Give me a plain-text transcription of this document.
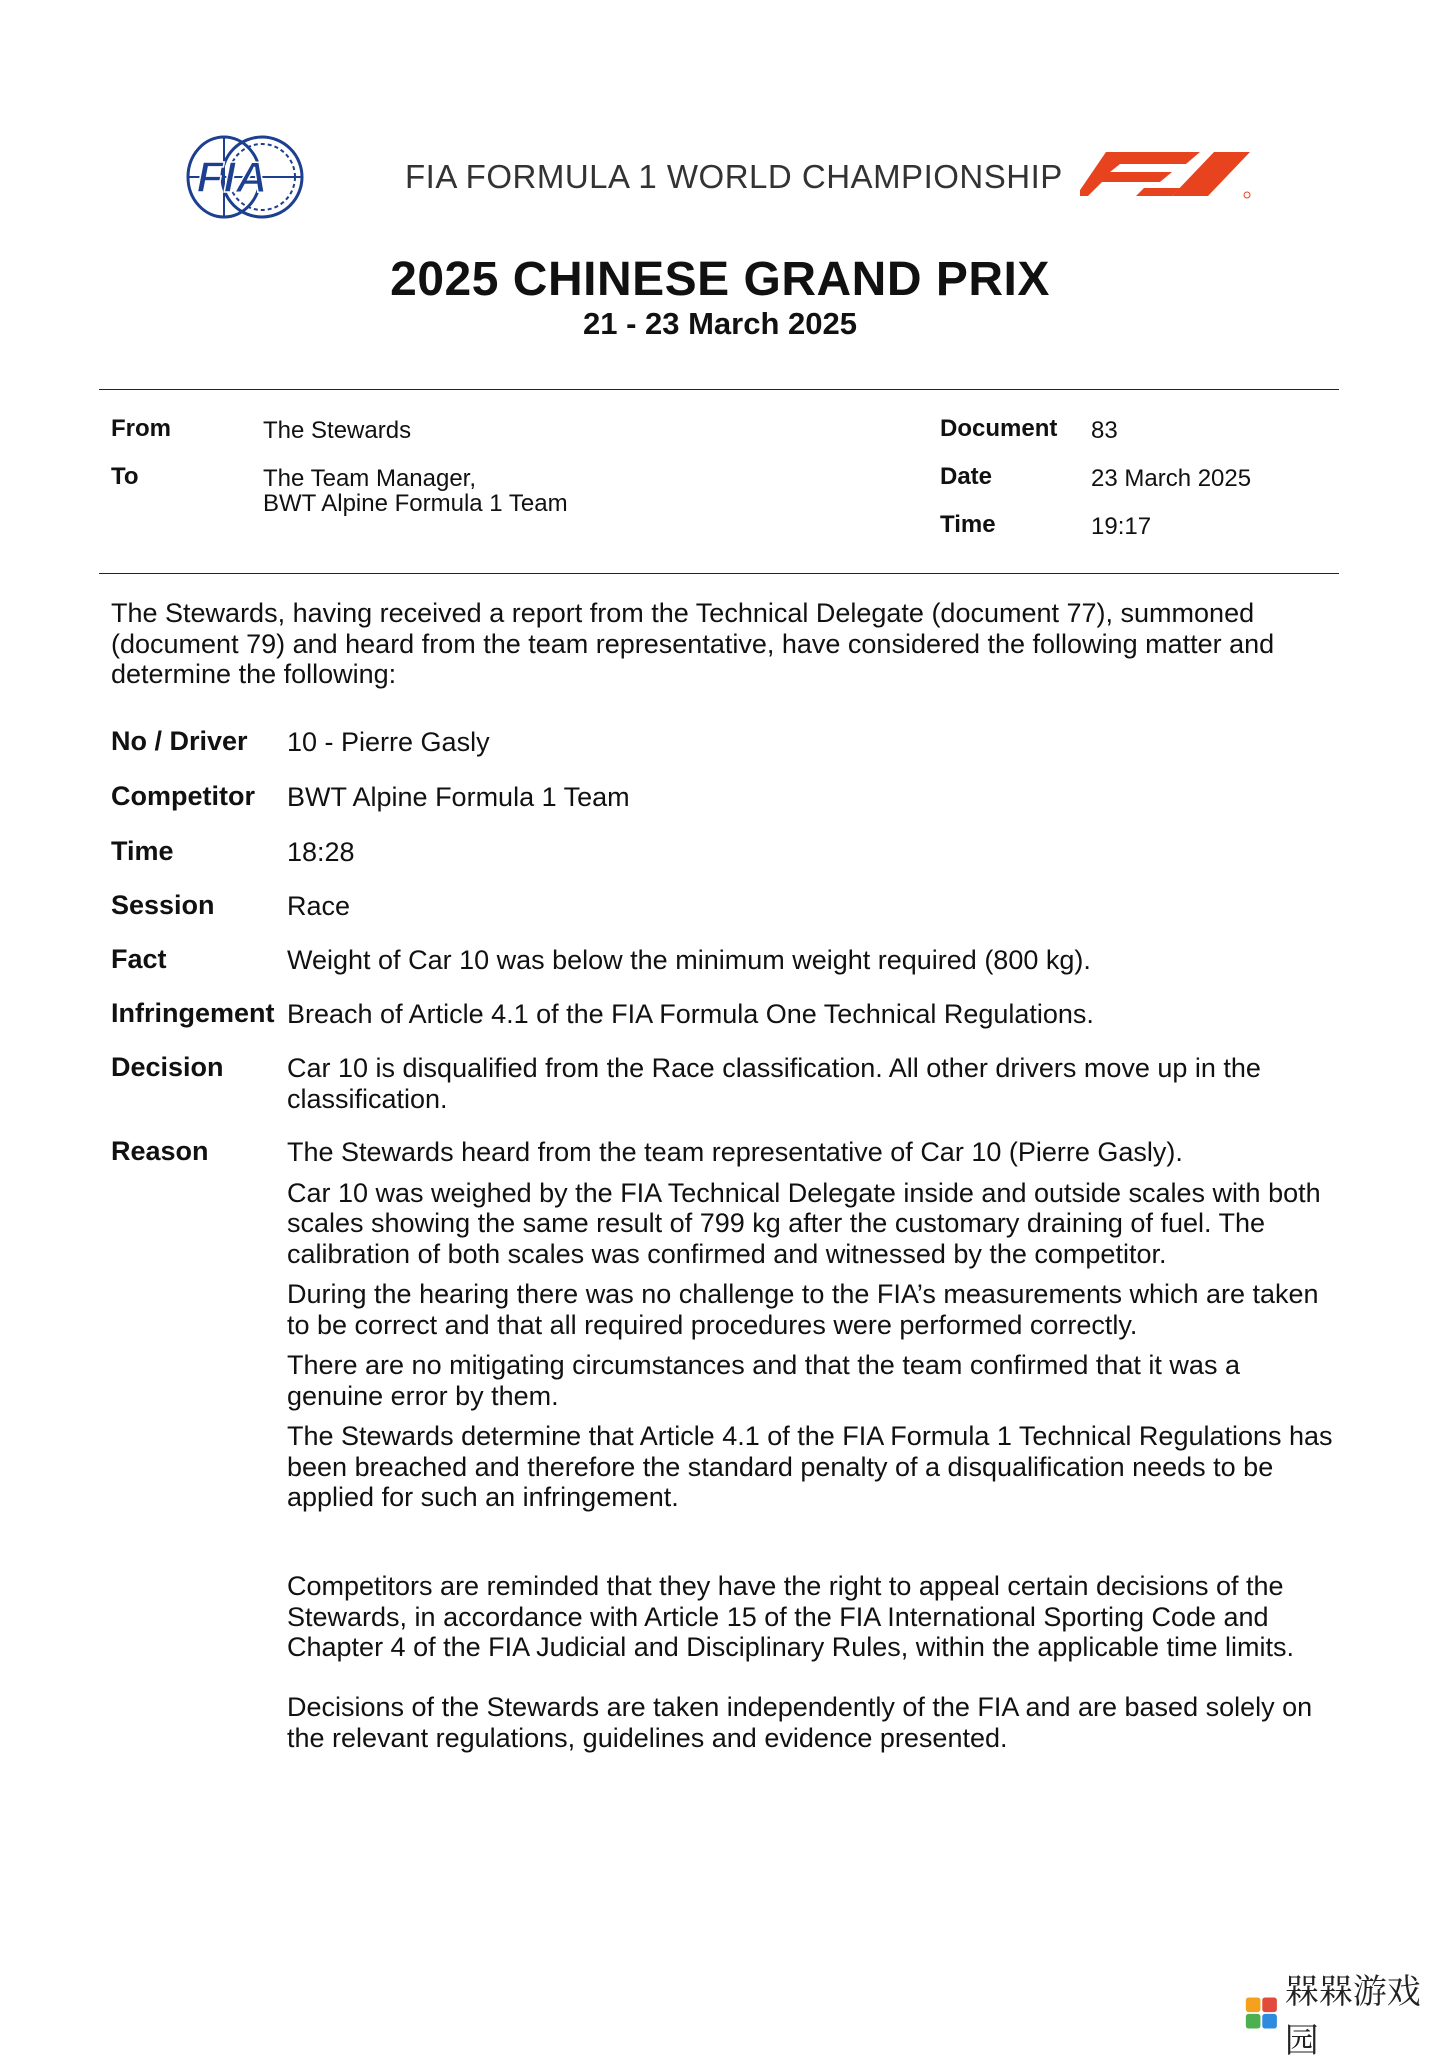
FIA	FIA FORMULA 1 WORLD CHAMPIONSHIP
2025 CHINESE GRAND PRIX
21 - 23 March 2025
From	The Stewards
To	The Team Manager,
BWT Alpine Formula 1 Team
Document 83
Date	23 March 2025
Time	19:17
The Stewards, having received a report from the Technical Delegate (document 77), summoned (document 79) and heard from the team representative, have considered the following matter and determine the following:
No / Driver 10 - Pierre Gasly
Competitor BWT Alpine Formula 1 Team
Time	18:28
Session	Race
Fact	Weight of Car 10 was below the minimum weight required (800 kg).
Infringement Breach of Article 4.1 of the FIA Formula One Technical Regulations.
Decision Car 10 is disqualified from the Race classification. All other drivers move up in the classification.
Reason	The Stewards heard from the team representative of Car 10 (Pierre Gasly).

Car 10 was weighed by the FIA Technical Delegate inside and outside scales with both scales showing the same result of 799 kg after the customary draining of fuel. The calibration of both scales was confirmed and witnessed by the competitor.

During the hearing there was no challenge to the FIA’s measurements which are taken to be correct and that all required procedures were performed correctly.

There are no mitigating circumstances and that the team confirmed that it was a genuine error by them.

The Stewards determine that Article 4.1 of the FIA Formula 1 Technical Regulations has been breached and therefore the standard penalty of a disqualification needs to be applied for such an infringement.

Competitors are reminded that they have the right to appeal certain decisions of the Stewards, in accordance with Article 15 of the FIA International Sporting Code and Chapter 4 of the FIA Judicial and Disciplinary Rules, within the applicable time limits.
Decisions of the Stewards are taken independently of the FIA and are based solely on the relevant regulations, guidelines and evidence presented.
槑槑游戏园
